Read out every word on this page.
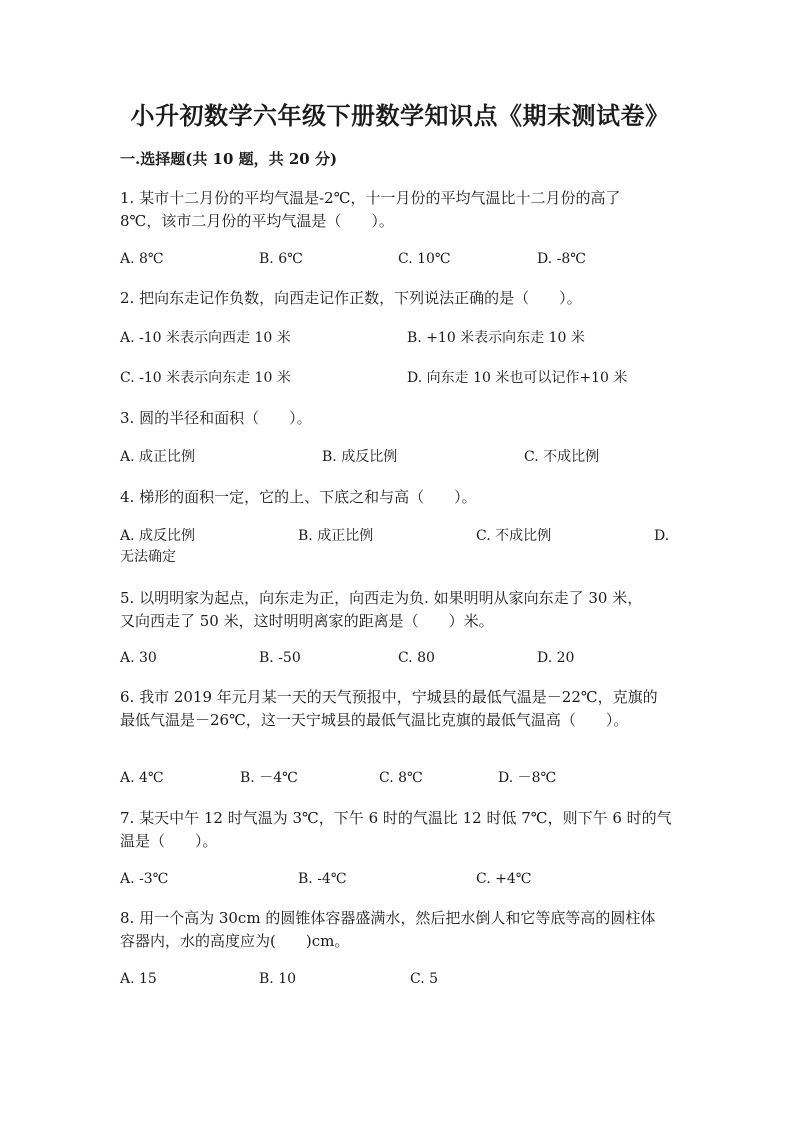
小升初数学六年级下册数学知识点《期末测试卷》
一.选择题(共 10 题，共 20 分)
1. 某市十二月份的平均气温是-2℃，十一月份的平均气温比十二月份的高了
8℃，该市二月份的平均气温是（　　）。
A. 8℃	B. 6℃	C. 10℃	D. -8℃
2. 把向东走记作负数，向西走记作正数，下列说法正确的是（　　）。
A. -10 米表示向西走 10 米	B. +10 米表示向东走 10 米
C. -10 米表示向东走 10 米	D. 向东走 10 米也可以记作+10 米
3. 圆的半径和面积（　　）。
A. 成正比例	B. 成反比例	C. 不成比例
4. 梯形的面积一定，它的上、下底之和与高（　　）。
A. 成反比例	B. 成正比例	C. 不成比例	D.
无法确定
5. 以明明家为起点，向东走为正，向西走为负. 如果明明从家向东走了 30 米，
又向西走了 50 米，这时明明离家的距离是（　　）米。
A. 30	B. -50	C. 80	D. 20
6. 我市 2019 年元月某一天的天气预报中，宁城县的最低气温是－22℃，克旗的
最低气温是－26℃，这一天宁城县的最低气温比克旗的最低气温高（　　）。
A. 4℃	B. －4℃	C. 8℃	D. －8℃
7. 某天中午 12 时气温为 3℃，下午 6 时的气温比 12 时低 7℃，则下午 6 时的气
温是（　　）。
A. -3℃	B. -4℃	C. +4℃
8. 用一个高为 30cm 的圆锥体容器盛满水，然后把水倒人和它等底等高的圆柱体
容器内，水的高度应为(　　)cm。
A. 15	B. 10	C. 5
